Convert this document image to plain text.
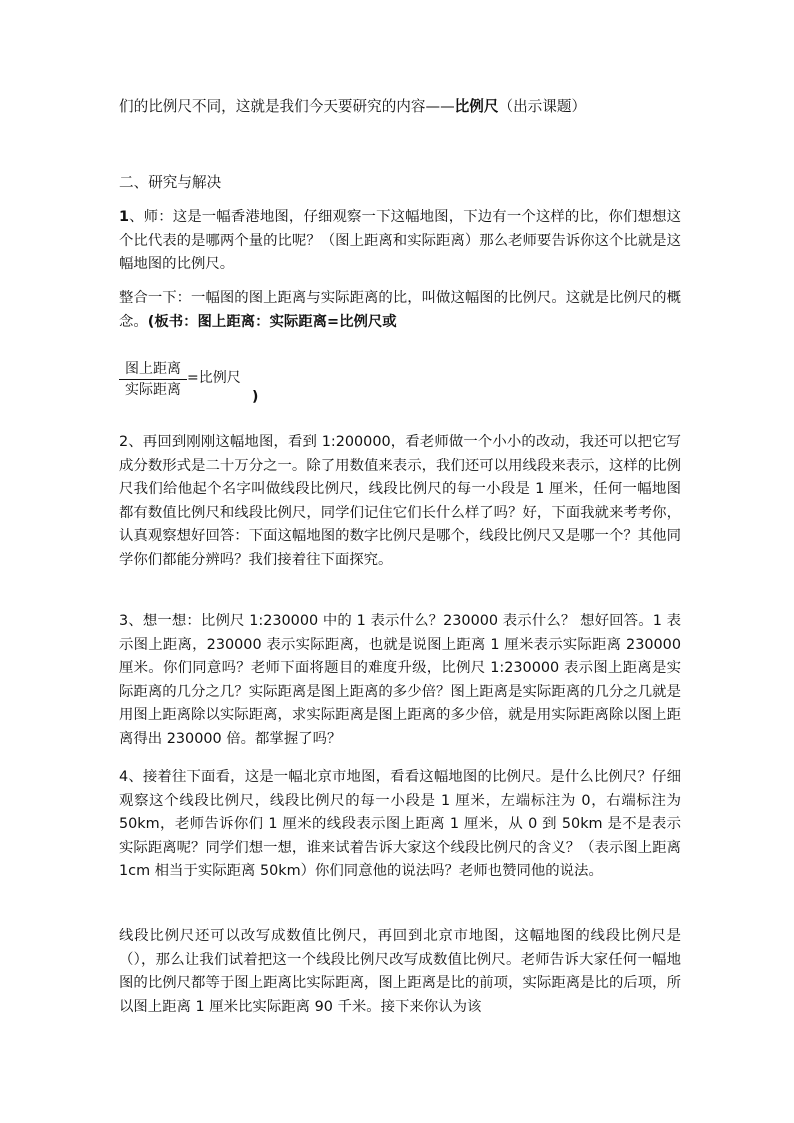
们的比例尺不同，这就是我们今天要研究的内容——比例尺（出示课题）
二、研究与解决
1、师：这是一幅香港地图，仔细观察一下这幅地图，下边有一个这样的比，你们想想这个比代表的是哪两个量的比呢？（图上距离和实际距离）那么老师要告诉你这个比就是这幅地图的比例尺。
整合一下：一幅图的图上距离与实际距离的比，叫做这幅图的比例尺。这就是比例尺的概念。(板书：图上距离：实际距离=比例尺或
图上距离
实际距离
=比例尺
)
2、再回到刚刚这幅地图，看到 1:200000，看老师做一个小小的改动，我还可以把它写成分数形式是二十万分之一。除了用数值来表示，我们还可以用线段来表示，这样的比例尺我们给他起个名字叫做线段比例尺，线段比例尺的每一小段是 1 厘米，任何一幅地图都有数值比例尺和线段比例尺，同学们记住它们长什么样了吗？好，下面我就来考考你，认真观察想好回答：下面这幅地图的数字比例尺是哪个，线段比例尺又是哪一个？其他同学你们都能分辨吗？我们接着往下面探究。
3、想一想：比例尺 1:230000 中的 1 表示什么？230000 表示什么？ 想好回答。1 表示图上距离，230000 表示实际距离，也就是说图上距离 1 厘米表示实际距离 230000 厘米。你们同意吗？老师下面将题目的难度升级，比例尺 1:230000 表示图上距离是实际距离的几分之几？实际距离是图上距离的多少倍？图上距离是实际距离的几分之几就是用图上距离除以实际距离，求实际距离是图上距离的多少倍，就是用实际距离除以图上距离得出 230000 倍。都掌握了吗？
4、接着往下面看，这是一幅北京市地图，看看这幅地图的比例尺。是什么比例尺？仔细观察这个线段比例尺，线段比例尺的每一小段是 1 厘米，左端标注为 0，右端标注为 50km，老师告诉你们 1 厘米的线段表示图上距离 1 厘米，从 0 到 50km 是不是表示实际距离呢？同学们想一想，谁来试着告诉大家这个线段比例尺的含义？（表示图上距离 1cm 相当于实际距离 50km）你们同意他的说法吗？老师也赞同他的说法。
线段比例尺还可以改写成数值比例尺，再回到北京市地图，这幅地图的线段比例尺是（），那么让我们试着把这一个线段比例尺改写成数值比例尺。老师告诉大家任何一幅地图的比例尺都等于图上距离比实际距离，图上距离是比的前项，实际距离是比的后项，所以图上距离 1 厘米比实际距离 90 千米。接下来你认为该
